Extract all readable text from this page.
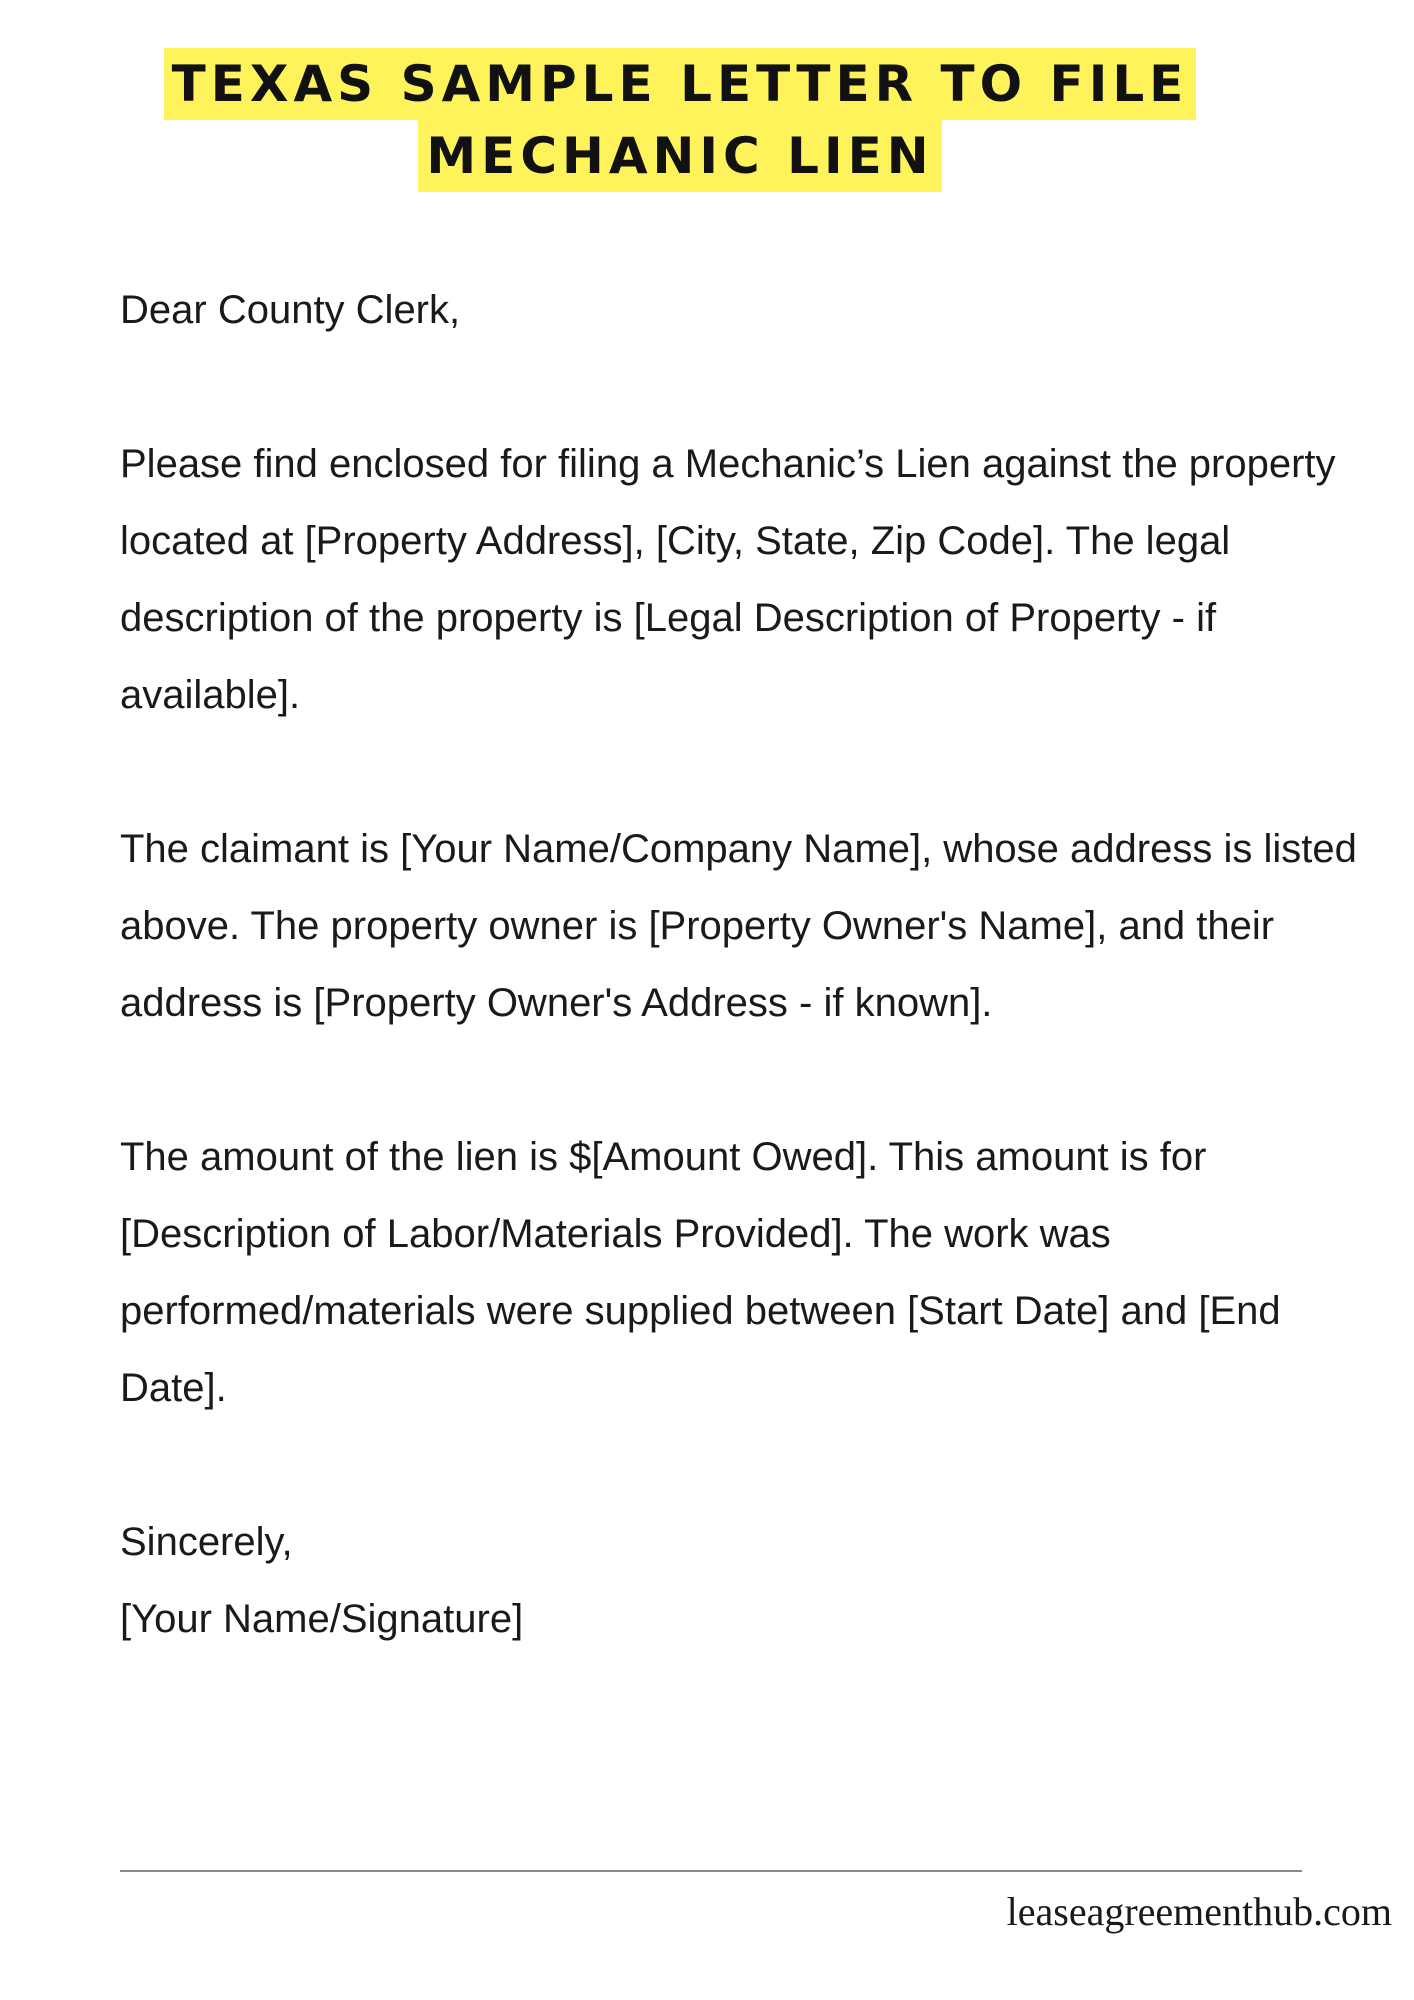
TEXAS SAMPLE LETTER TO FILE
MECHANIC LIEN

Dear County Clerk,

Please find enclosed for filing a Mechanic’s Lien against the property located at [Property Address], [City, State, Zip Code]. The legal description of the property is [Legal Description of Property - if available].

The claimant is [Your Name/Company Name], whose address is listed above. The property owner is [Property Owner's Name], and their address is [Property Owner's Address - if known].

The amount of the lien is $[Amount Owed]. This amount is for [Description of Labor/Materials Provided]. The work was performed/materials were supplied between [Start Date] and [End Date].

Sincerely,

[Your Name/Signature]

leaseagreementhub.com
